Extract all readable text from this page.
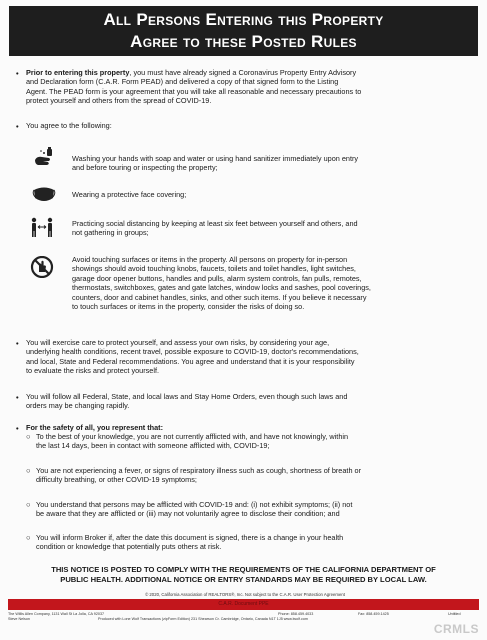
All Persons Entering this Property
Agree to these Posted Rules
• Prior to entering this property, you must have already signed a Coronavirus Property Entry Advisory
and Declaration form (C.A.R. Form PEAD) and delivered a copy of that signed form to the Listing
Agent. The PEAD form is your agreement that you will take all reasonable and necessary precautions to
protect yourself and others from the spread of COVID-19.
• You agree to the following:
Washing your hands with soap and water or using hand sanitizer immediately upon entry
and before touring or inspecting the property;
Wearing a protective face covering;
Practicing social distancing by keeping at least six feet between yourself and others, and
not gathering in groups;
Avoid touching surfaces or items in the property. All persons on property for in-person
showings should avoid touching knobs, faucets, toilets and toilet handles, light switches,
garage door opener buttons, handles and pulls, alarm system controls, fan pulls, remotes,
thermostats, switchboxes, gates and gate latches, window locks and sashes, pool coverings,
counters, door and cabinet handles, sinks, and other such items. If you believe it necessary
to touch surfaces or items in the property, consider the risks of doing so.
• You will exercise care to protect yourself, and assess your own risks, by considering your age,
underlying health conditions, recent travel, possible exposure to COVID-19, doctor's recommendations,
and local, State and Federal recommendations. You agree and understand that it is your responsibility
to evaluate the risks and protect yourself.
• You will follow all Federal, State, and local laws and Stay Home Orders, even though such laws and
orders may be changing rapidly.
• For the safety of all, you represent that:
○ To the best of your knowledge, you are not currently afflicted with, and have not knowingly, within
the last 14 days, been in contact with someone afflicted with, COVID-19;
○ You are not experiencing a fever, or signs of respiratory illness such as cough, shortness of breath or
difficulty breathing, or other COVID-19 symptoms;
○ You understand that persons may be afflicted with COVID-19 and: (i) not exhibit symptoms; (ii) not
be aware that they are afflicted or (iii) may not voluntarily agree to disclose their condition; and
○ You will inform Broker if, after the date this document is signed, there is a change in your health
condition or knowledge that potentially puts others at risk.
THIS NOTICE IS POSTED TO COMPLY WITH THE REQUIREMENTS OF THE CALIFORNIA DEPARTMENT OF
PUBLIC HEALTH. ADDITIONAL NOTICE OR ENTRY STANDARDS MAY BE REQUIRED BY LOCAL LAW.
© 2020, California Association of REALTORS®, Inc. Not subject to the C.A.R. User Protection Agreement
C.A.R. Document PPE
The Willis Allen Company, 1131 Wall St La Jolla, CA 92037
Steve Nelson	Produced with Lone Wolf Transactions (zipForm Edition) 231 Shearson Cr. Cambridge, Ontario, Canada N1T 1J5 www.lwolf.com
Phone: 858.459.4033	Fax: 858.459.1425	Untitled
CRMLS
